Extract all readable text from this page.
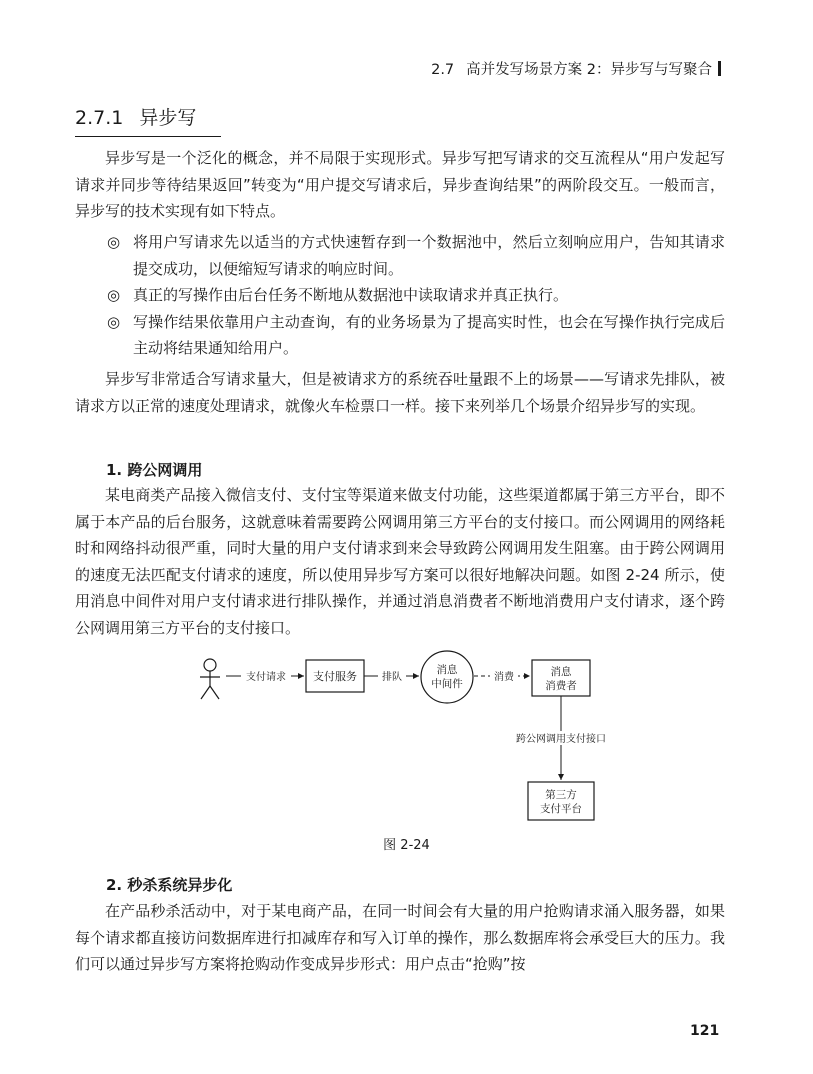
2.7 高并发写场景方案 2：异步写与写聚合
2.7.1 异步写

异步写是一个泛化的概念，并不局限于实现形式。异步写把写请求的交互流程从“用户发起写请求并同步等待结果返回”转变为“用户提交写请求后，异步查询结果”的两阶段交互。一般而言，异步写的技术实现有如下特点。

◎ 将用户写请求先以适当的方式快速暂存到一个数据池中，然后立刻响应用户，告知其请求提交成功，以便缩短写请求的响应时间。
◎ 真正的写操作由后台任务不断地从数据池中读取请求并真正执行。
◎ 写操作结果依靠用户主动查询，有的业务场景为了提高实时性，也会在写操作执行完成后主动将结果通知给用户。

异步写非常适合写请求量大，但是被请求方的系统吞吐量跟不上的场景——写请求先排队，被请求方以正常的速度处理请求，就像火车检票口一样。接下来列举几个场景介绍异步写的实现。

1. 跨公网调用

某电商类产品接入微信支付、支付宝等渠道来做支付功能，这些渠道都属于第三方平台，即不属于本产品的后台服务，这就意味着需要跨公网调用第三方平台的支付接口。而公网调用的网络耗时和网络抖动很严重，同时大量的用户支付请求到来会导致跨公网调用发生阻塞。由于跨公网调用的速度无法匹配支付请求的速度，所以使用异步写方案可以很好地解决问题。如图 2-24 所示，使用消息中间件对用户支付请求进行排队操作，并通过消息消费者不断地消费用户支付请求，逐个跨公网调用第三方平台的支付接口。

支付服务	消息
中间件
消息
消费者
第三方
支付平台
支付请求	排队	消费
跨公网调用支付接口
图 2-24
2. 秒杀系统异步化

在产品秒杀活动中，对于某电商产品，在同一时间会有大量的用户抢购请求涌入服务器，如果每个请求都直接访问数据库进行扣减库存和写入订单的操作，那么数据库将会承受巨大的压力。我们可以通过异步写方案将抢购动作变成异步形式：用户点击“抢购”按

121
